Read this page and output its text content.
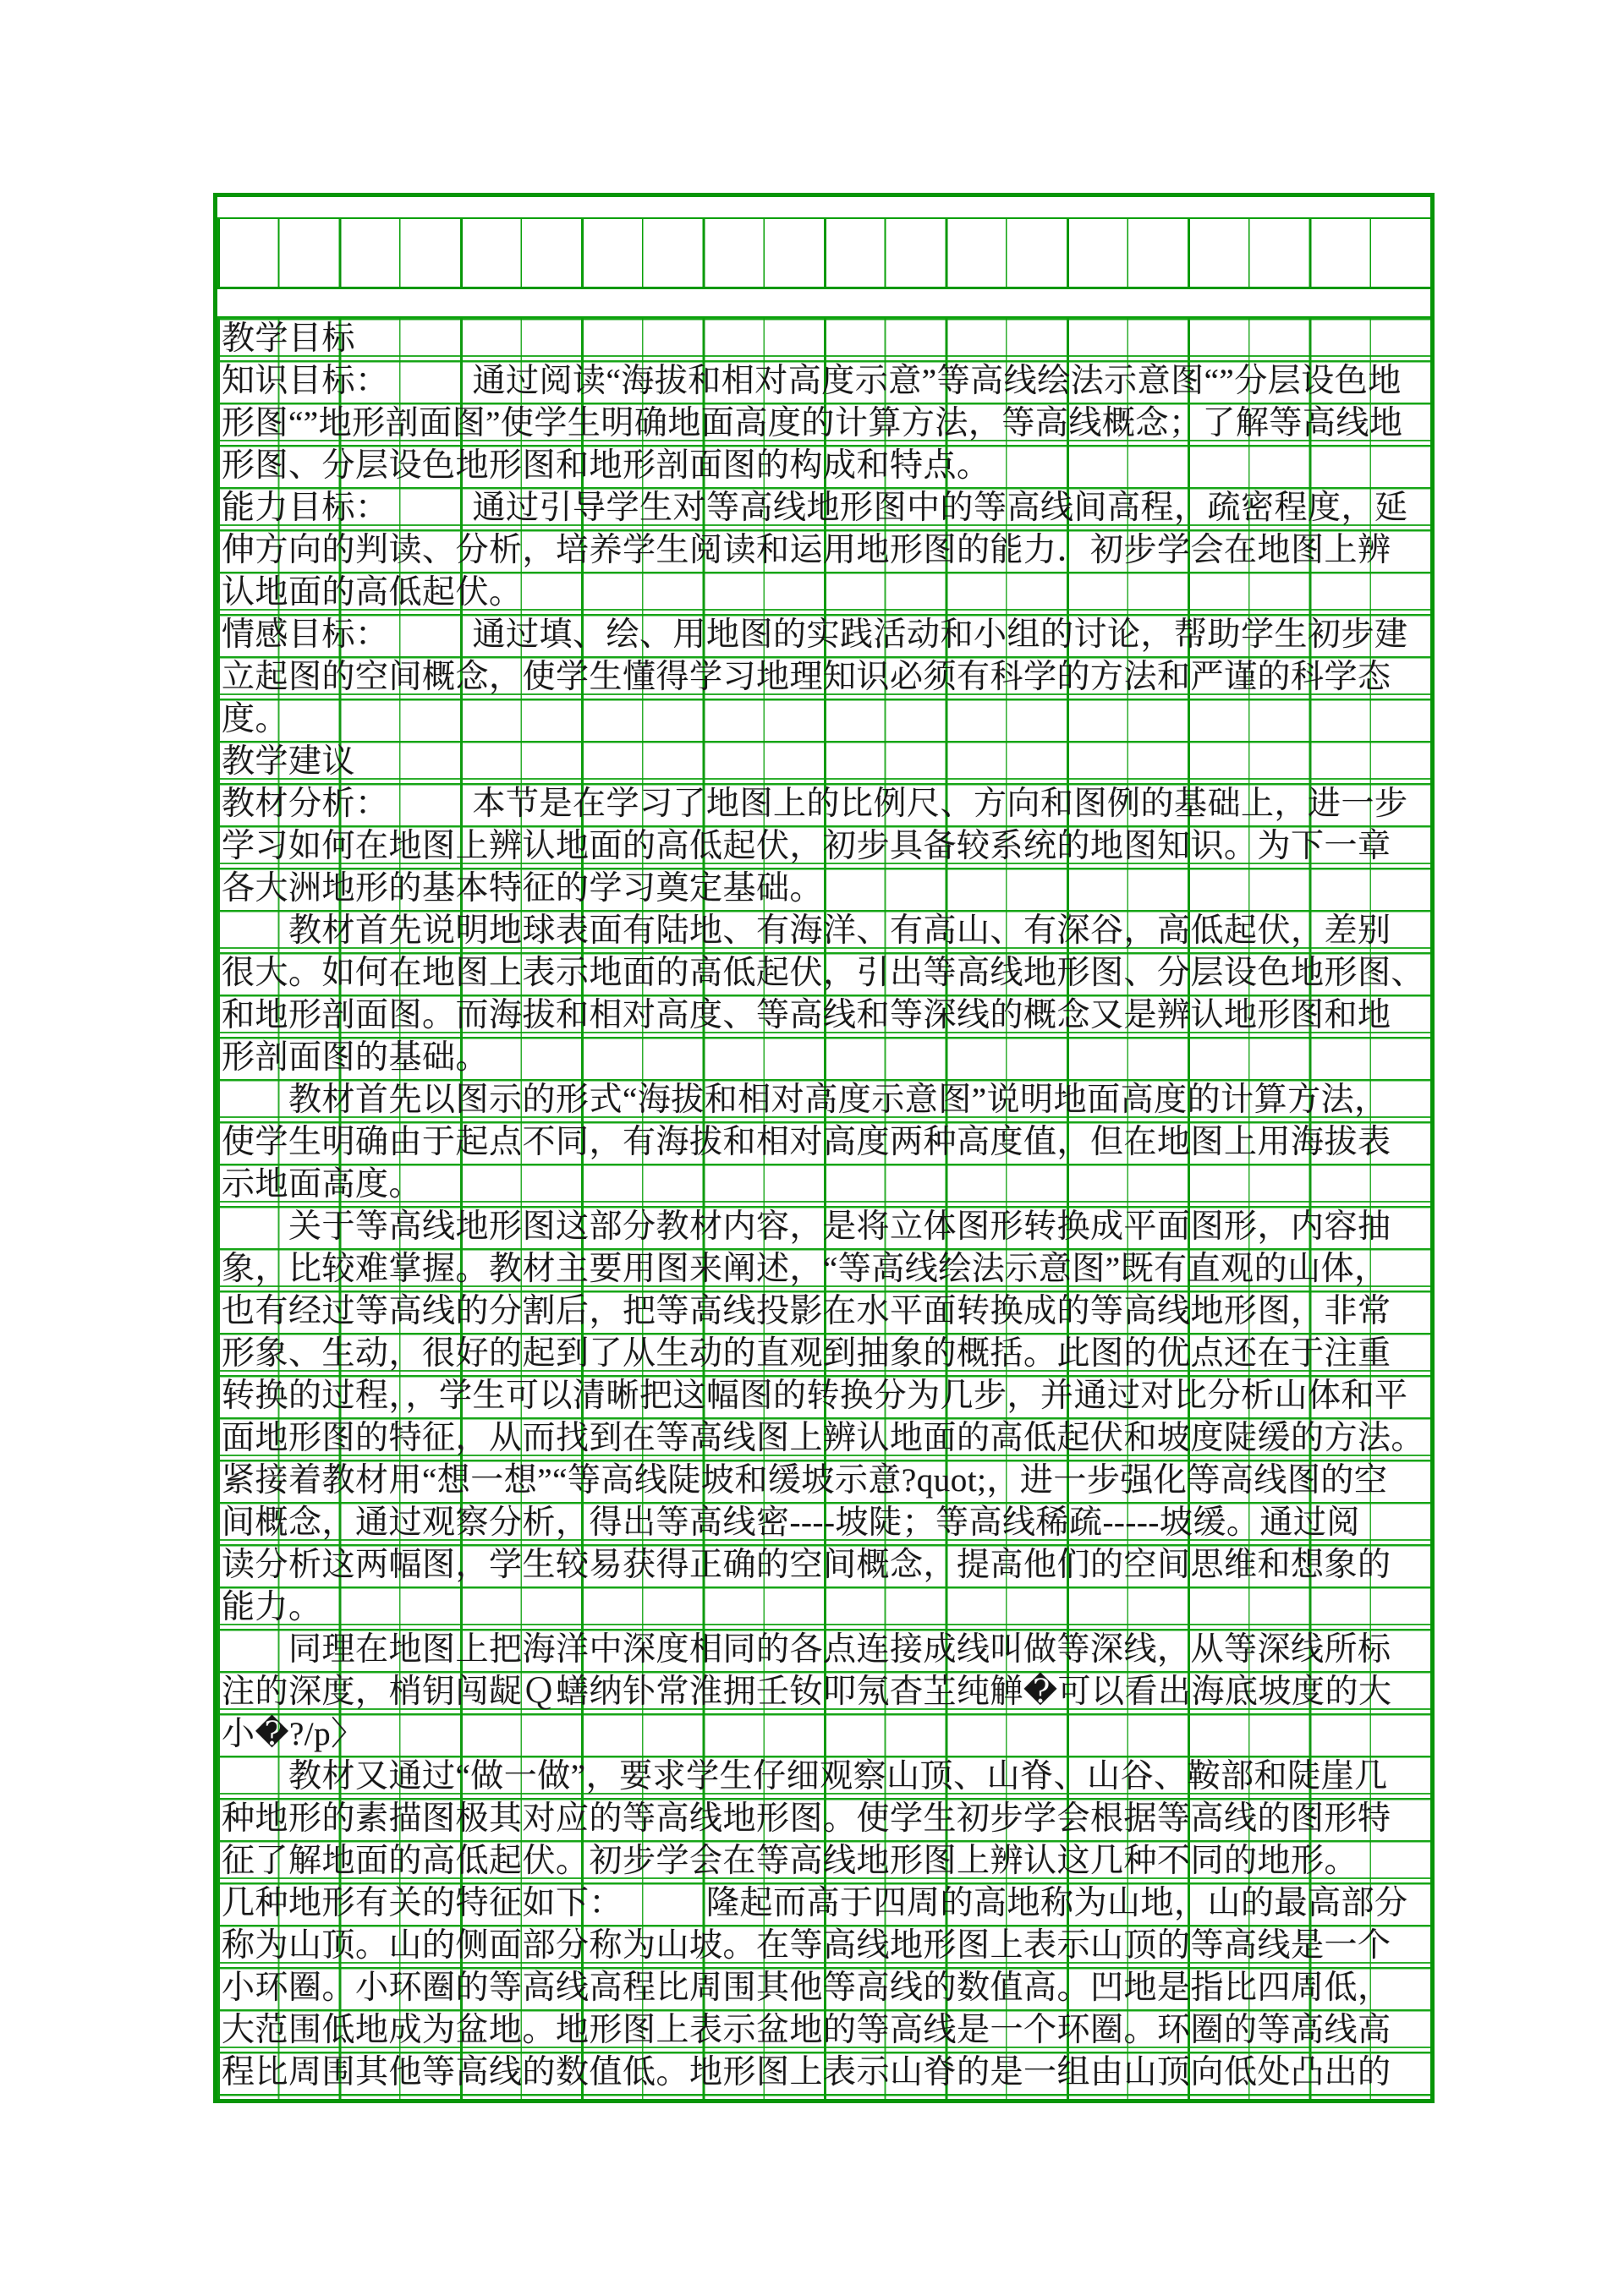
教学目标
知识目标：　　　通过阅读“海拔和相对高度示意”等高线绘法示意图“”分层设色地
形图“”地形剖面图”使学生明确地面高度的计算方法，等高线概念；了解等高线地
形图、分层设色地形图和地形剖面图的构成和特点。
能力目标：　　　通过引导学生对等高线地形图中的等高线间高程，疏密程度，延
伸方向的判读、分析，培养学生阅读和运用地形图的能力．初步学会在地图上辨
认地面的高低起伏。
情感目标：　　　通过填、绘、用地图的实践活动和小组的讨论，帮助学生初步建
立起图的空间概念，使学生懂得学习地理知识必须有科学的方法和严谨的科学态
度。
教学建议
教材分析：　　　本节是在学习了地图上的比例尺、方向和图例的基础上，进一步
学习如何在地图上辨认地面的高低起伏，初步具备较系统的地图知识。为下一章
各大洲地形的基本特征的学习奠定基础。
　　教材首先说明地球表面有陆地、有海洋、有高山、有深谷，高低起伏，差别
很大。如何在地图上表示地面的高低起伏，引出等高线地形图、分层设色地形图、
和地形剖面图。而海拔和相对高度、等高线和等深线的概念又是辨认地形图和地
形剖面图的基础。
　　教材首先以图示的形式“海拔和相对高度示意图”说明地面高度的计算方法，
使学生明确由于起点不同，有海拔和相对高度两种高度值，但在地图上用海拔表
示地面高度。
　　关于等高线地形图这部分教材内容，是将立体图形转换成平面图形，内容抽
象，比较难掌握。教材主要用图来阐述，“等高线绘法示意图”既有直观的山体，
也有经过等高线的分割后，把等高线投影在水平面转换成的等高线地形图，非常
形象、生动，很好的起到了从生动的直观到抽象的概括。此图的优点还在于注重
转换的过程，，学生可以清晰把这幅图的转换分为几步，并通过对比分析山体和平
面地形图的特征，从而找到在等高线图上辨认地面的高低起伏和坡度陡缓的方法。
紧接着教材用“想一想”“等高线陡坡和缓坡示意?quot;，进一步强化等高线图的空
间概念，通过观察分析，得出等高线密----坡陡；等高线稀疏-----坡缓。通过阅
读分析这两幅图，学生较易获得正确的空间概念，提高他们的空间思维和想象的
能力。
　　同理在地图上把海洋中深度相同的各点连接成线叫做等深线，从等深线所标
注的深度，梢钥闯龊Ｑ蟮纳钋常淮拥壬钕叩氖杳芏纯觯�可以看出海底坡度的大
小�?/p〉
　　教材又通过“做一做”，要求学生仔细观察山顶、山脊、山谷、鞍部和陡崖几
种地形的素描图极其对应的等高线地形图。使学生初步学会根据等高线的图形特
征了解地面的高低起伏。初步学会在等高线地形图上辨认这几种不同的地形。
几种地形有关的特征如下：　　　隆起而高于四周的高地称为山地，山的最高部分
称为山顶。山的侧面部分称为山坡。在等高线地形图上表示山顶的等高线是一个
小环圈。小环圈的等高线高程比周围其他等高线的数值高。凹地是指比四周低，
大范围低地成为盆地。地形图上表示盆地的等高线是一个环圈。环圈的等高线高
程比周围其他等高线的数值低。地形图上表示山脊的是一组由山顶向低处凸出的
